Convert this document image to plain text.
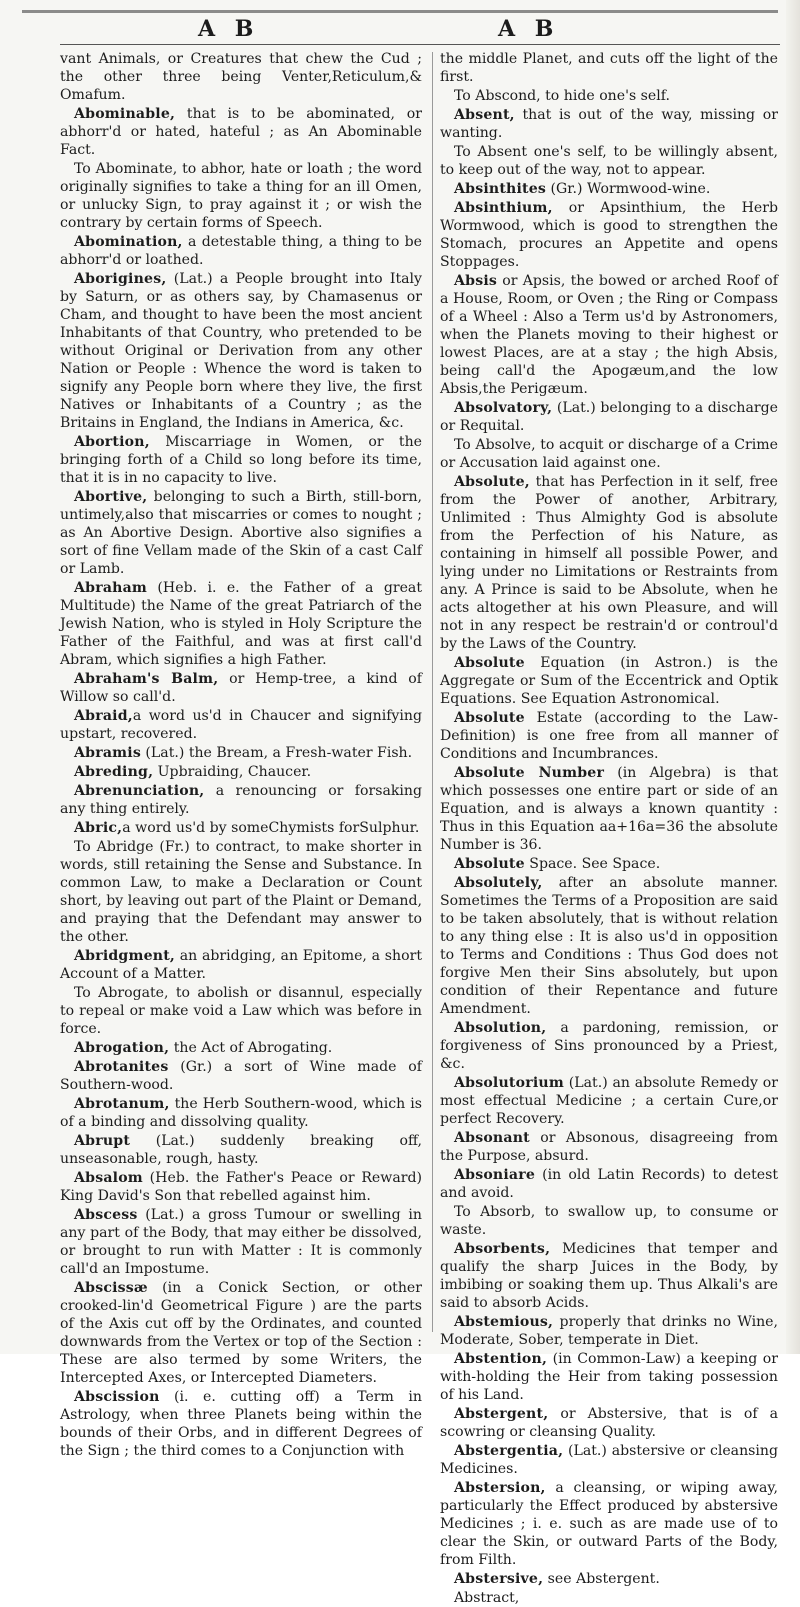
A B	A B

vant Animals, or Creatures that chew the Cud ; the other three being Venter,Reticulum,& Omafum.

Abominable, that is to be abominated, or abhorr'd or hated, hateful ; as An Abominable Fact.

To Abominate, to abhor, hate or loath ; the word originally signifies to take a thing for an ill Omen, or unlucky Sign, to pray against it ; or wish the contrary by certain forms of Speech.

Abomination, a detestable thing, a thing to be abhorr'd or loathed.

Aborigines, (Lat.) a People brought into Italy by Saturn, or as others say, by Chamasenus or Cham, and thought to have been the most ancient Inhabitants of that Country, who pretended to be without Original or Derivation from any other Nation or People : Whence the word is taken to signify any People born where they live, the first Natives or Inhabitants of a Country ; as the Britains in England, the Indians in America, &c.

Abortion, Miscarriage in Women, or the bringing forth of a Child so long before its time, that it is in no capacity to live.

Abortive, belonging to such a Birth, still-born, untimely,also that miscarries or comes to nought ; as An Abortive Design. Abortive also signifies a sort of fine Vellam made of the Skin of a cast Calf or Lamb.

Abraham (Heb. i. e. the Father of a great Multitude) the Name of the great Patriarch of the Jewish Nation, who is styled in Holy Scripture the Father of the Faithful, and was at first call'd Abram, which signifies a high Father.

Abraham's Balm, or Hemp-tree, a kind of Willow so call'd.

Abraid,a word us'd in Chaucer and signifying upstart, recovered.

Abramis (Lat.) the Bream, a Fresh-water Fish.

Abreding, Upbraiding, Chaucer.

Abrenunciation, a renouncing or forsaking any thing entirely.

Abric,a word us'd by someChymists forSulphur.

To Abridge (Fr.) to contract, to make shorter in words, still retaining the Sense and Substance. In common Law, to make a Declaration or Count short, by leaving out part of the Plaint or Demand, and praying that the Defendant may answer to the other.

Abridgment, an abridging, an Epitome, a short Account of a Matter.

To Abrogate, to abolish or disannul, especially to repeal or make void a Law which was before in force.

Abrogation, the Act of Abrogating.

Abrotanites (Gr.) a sort of Wine made of Southern-wood.

Abrotanum, the Herb Southern-wood, which is of a binding and dissolving quality.

Abrupt (Lat.) suddenly breaking off, unseasonable, rough, hasty.

Absalom (Heb. the Father's Peace or Reward) King David's Son that rebelled against him.

Abscess (Lat.) a gross Tumour or swelling in any part of the Body, that may either be dissolved, or brought to run with Matter : It is commonly call'd an Impostume.

Abscissæ (in a Conick Section, or other crooked-lin'd Geometrical Figure ) are the parts of the Axis cut off by the Ordinates, and counted downwards from the Vertex or top of the Section : These are also termed by some Writers, the Intercepted Axes, or Intercepted Diameters.

Abscission (i. e. cutting off) a Term in Astrology, when three Planets being within the bounds of their Orbs, and in different Degrees of the Sign ; the third comes to a Conjunction with

the middle Planet, and cuts off the light of the first.

To Abscond, to hide one's self.

Absent, that is out of the way, missing or wanting.

To Absent one's self, to be willingly absent, to keep out of the way, not to appear.

Absinthites (Gr.) Wormwood-wine.

Absinthium, or Apsinthium, the Herb Wormwood, which is good to strengthen the Stomach, procures an Appetite and opens Stoppages.

Absis or Apsis, the bowed or arched Roof of a House, Room, or Oven ; the Ring or Compass of a Wheel : Also a Term us'd by Astronomers, when the Planets moving to their highest or lowest Places, are at a stay ; the high Absis, being call'd the Apogæum,and the low Absis,the Perigæum.

Absolvatory, (Lat.) belonging to a discharge or Requital.

To Absolve, to acquit or discharge of a Crime or Accusation laid against one.

Absolute, that has Perfection in it self, free from the Power of another, Arbitrary, Unlimited : Thus Almighty God is absolute from the Perfection of his Nature, as containing in himself all possible Power, and lying under no Limitations or Restraints from any. A Prince is said to be Absolute, when he acts altogether at his own Pleasure, and will not in any respect be restrain'd or controul'd by the Laws of the Country.

Absolute Equation (in Astron.) is the Aggregate or Sum of the Eccentrick and Optik Equations. See Equation Astronomical.

Absolute Estate (according to the Law-Definition) is one free from all manner of Conditions and Incumbrances.

Absolute Number (in Algebra) is that which possesses one entire part or side of an Equation, and is always a known quantity : Thus in this Equation aa+16a=36 the absolute Number is 36.

Absolute Space. See Space.

Absolutely, after an absolute manner. Sometimes the Terms of a Proposition are said to be taken absolutely, that is without relation to any thing else : It is also us'd in opposition to Terms and Conditions : Thus God does not forgive Men their Sins absolutely, but upon condition of their Repentance and future Amendment.

Absolution, a pardoning, remission, or forgiveness of Sins pronounced by a Priest, &c.

Absolutorium (Lat.) an absolute Remedy or most effectual Medicine ; a certain Cure,or perfect Recovery.

Absonant or Absonous, disagreeing from the Purpose, absurd.

Absoniare (in old Latin Records) to detest and avoid.

To Absorb, to swallow up, to consume or waste.

Absorbents, Medicines that temper and qualify the sharp Juices in the Body, by imbibing or soaking them up. Thus Alkali's are said to absorb Acids.

Abstemious, properly that drinks no Wine, Moderate, Sober, temperate in Diet.

Abstention, (in Common-Law) a keeping or with-holding the Heir from taking possession of his Land.

Abstergent, or Abstersive, that is of a scowring or cleansing Quality.

Abstergentia, (Lat.) abstersive or cleansing Medicines.

Abstersion, a cleansing, or wiping away, particularly the Effect produced by abstersive Medicines ; i. e. such as are made use of to clear the Skin, or outward Parts of the Body, from Filth.

Abstersive, see Abstergent.

Abstract,
